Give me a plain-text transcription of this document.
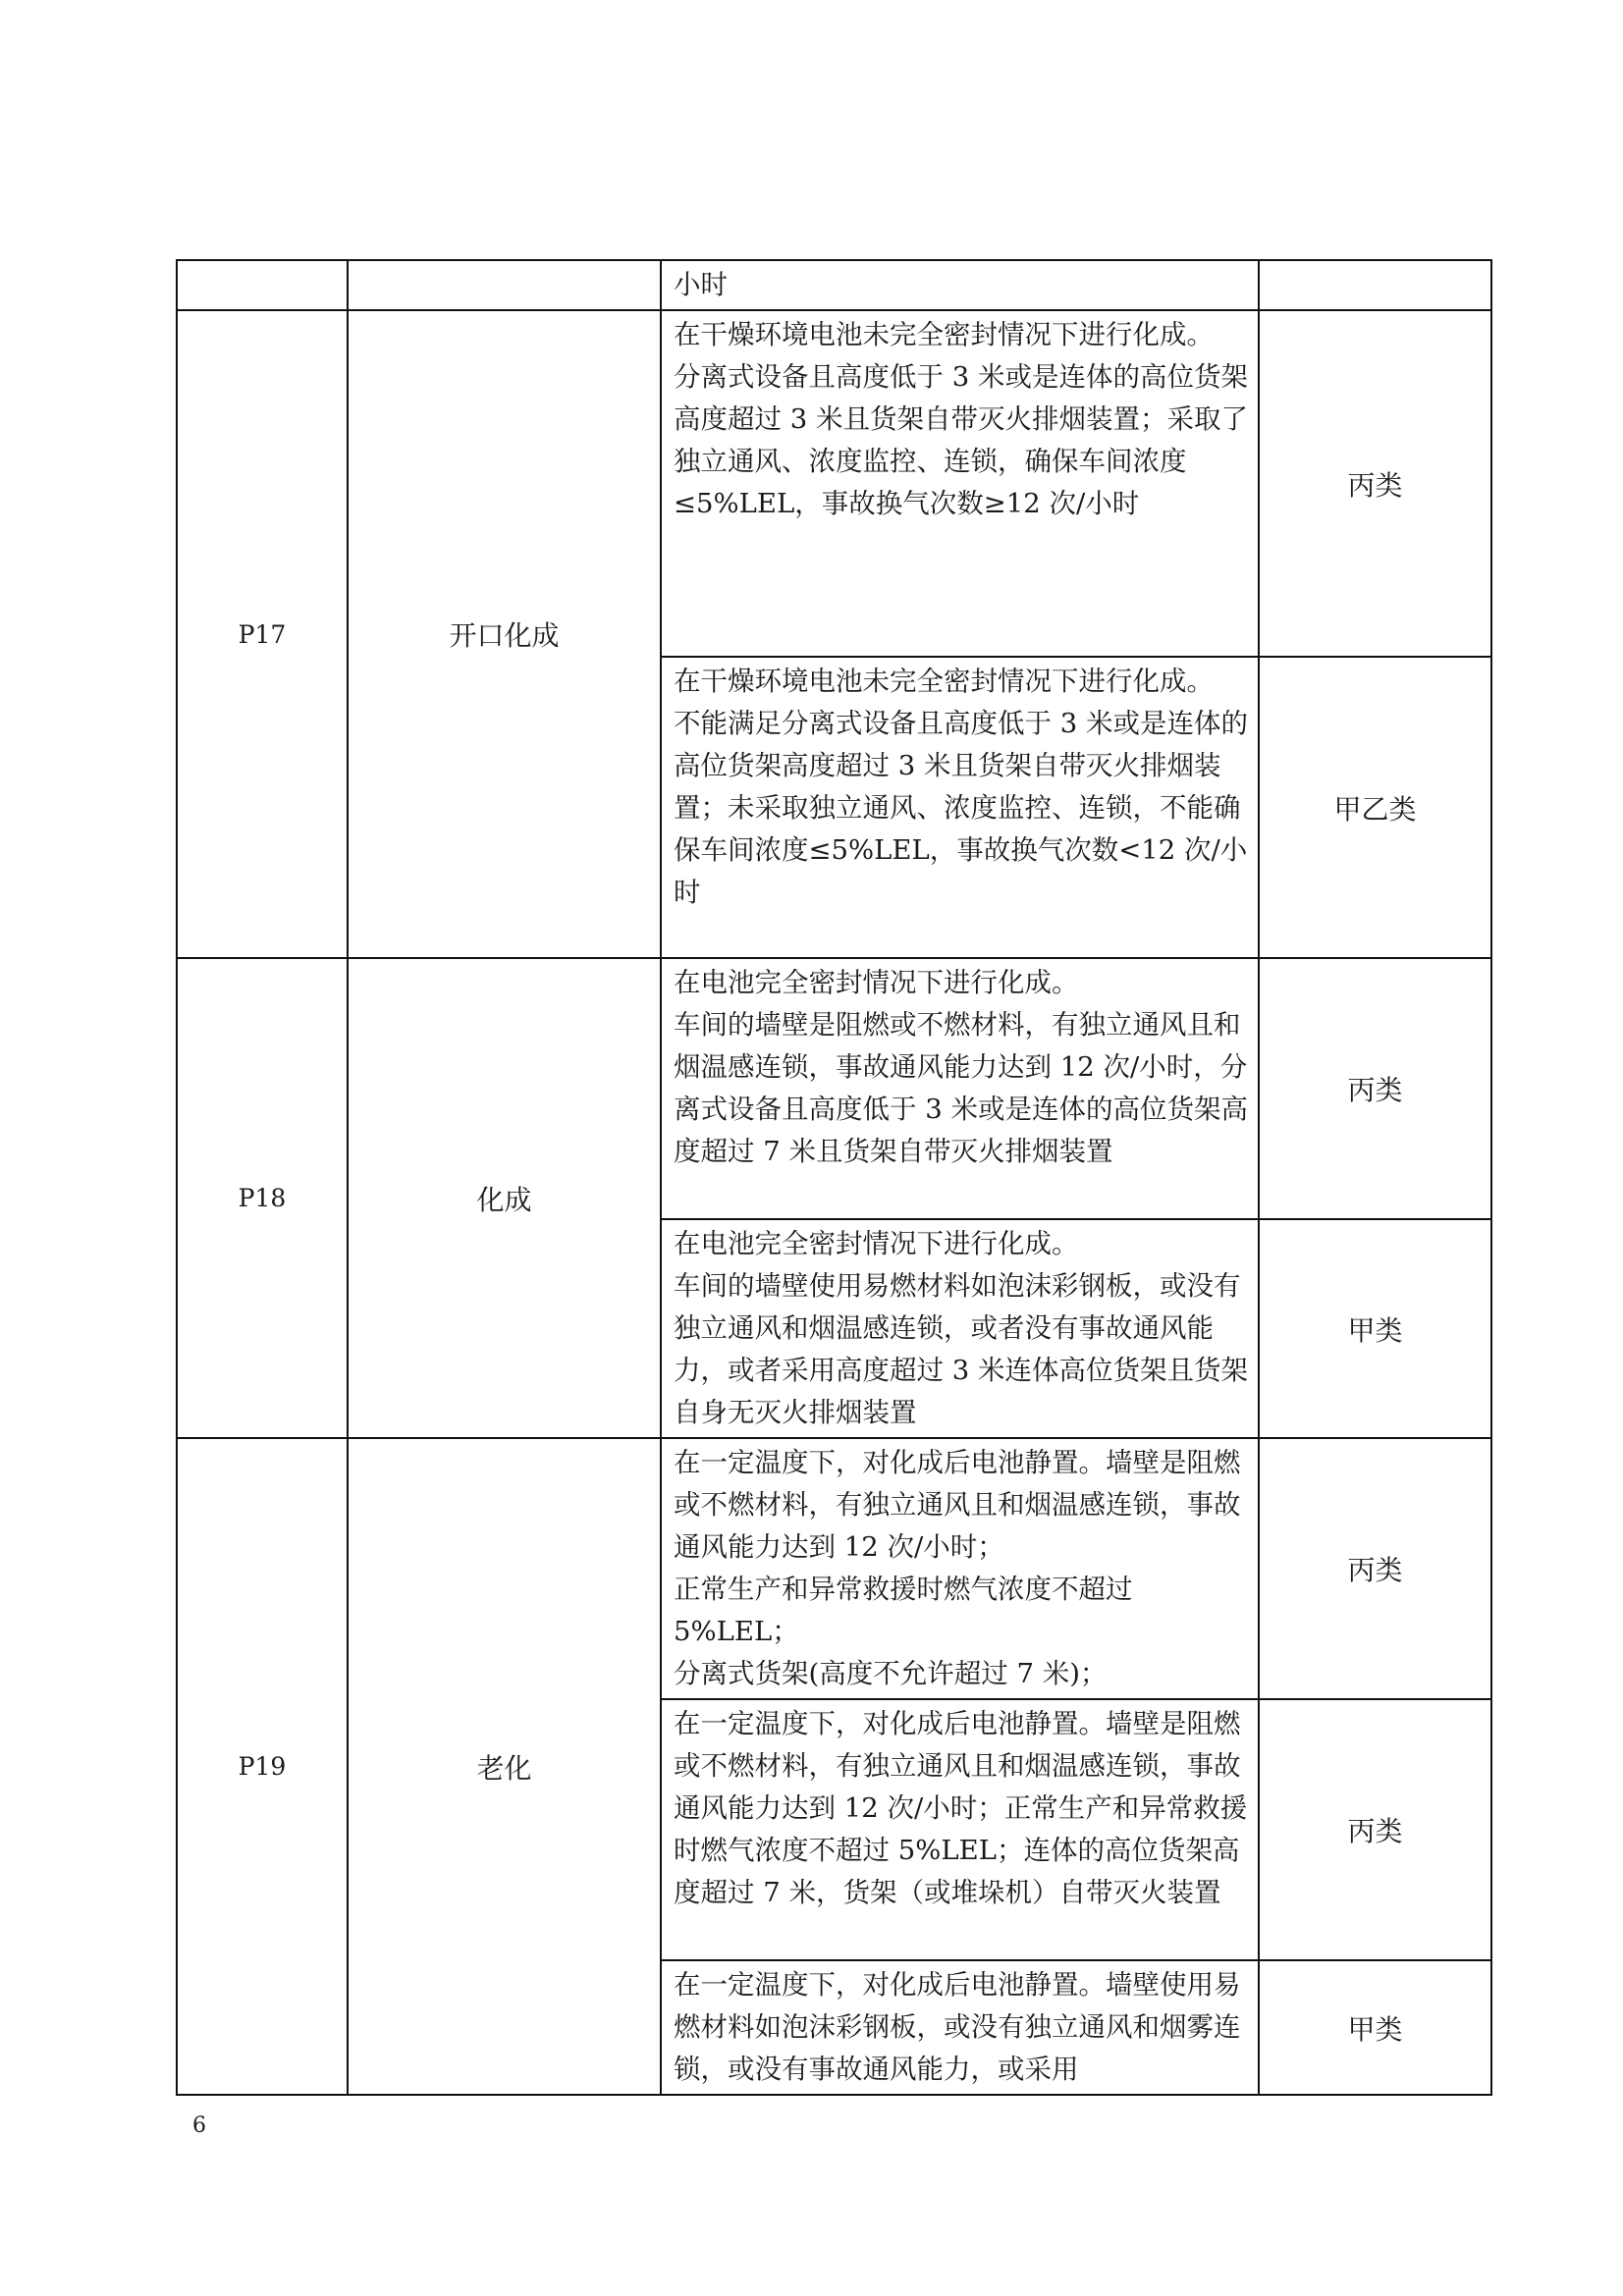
		小时	

P17	开口化成	在干燥环境电池未完全密封情况下进行化成。

分离式设备且高度低于 3 米或是连体的高位货架高度超过 3 米且货架自带灭火排烟装置；采取了独立通风、浓度监控、连锁，确保车间浓度≤5%LEL，事故换气次数≥12 次/小时	丙类

		在干燥环境电池未完全密封情况下进行化成。

不能满足分离式设备且高度低于 3 米或是连体的高位货架高度超过 3 米且货架自带灭火排烟装置；未采取独立通风、浓度监控、连锁，不能确保车间浓度≤5%LEL，事故换气次数<12 次/小时	甲乙类
P18	化成	在电池完全密封情况下进行化成。

车间的墙壁是阻燃或不燃材料，有独立通风且和烟温感连锁，事故通风能力达到 12 次/小时，分离式设备且高度低于 3 米或是连体的高位货架高度超过 7 米且货架自带灭火排烟装置	丙类

		在电池完全密封情况下进行化成。

车间的墙壁使用易燃材料如泡沫彩钢板，或没有独立通风和烟温感连锁，或者没有事故通风能力，或者采用高度超过 3 米连体高位货架且货架自身无灭火排烟装置	甲类
P19	老化	在一定温度下，对化成后电池静置。墙壁是阻燃或不燃材料，有独立通风且和烟温感连锁，事故通风能力达到 12 次/小时；

正常生产和异常救援时燃气浓度不超过 5%LEL；

分离式货架(高度不允许超过 7 米)；	丙类

		在一定温度下，对化成后电池静置。墙壁是阻燃或不燃材料，有独立通风且和烟温感连锁，事故通风能力达到 12 次/小时；正常生产和异常救援时燃气浓度不超过 5%LEL；连体的高位货架高度超过 7 米，货架（或堆垛机）自带灭火装置	丙类

		在一定温度下，对化成后电池静置。墙壁使用易燃材料如泡沫彩钢板，或没有独立通风和烟雾连锁，或没有事故通风能力，或采用	甲类
6
